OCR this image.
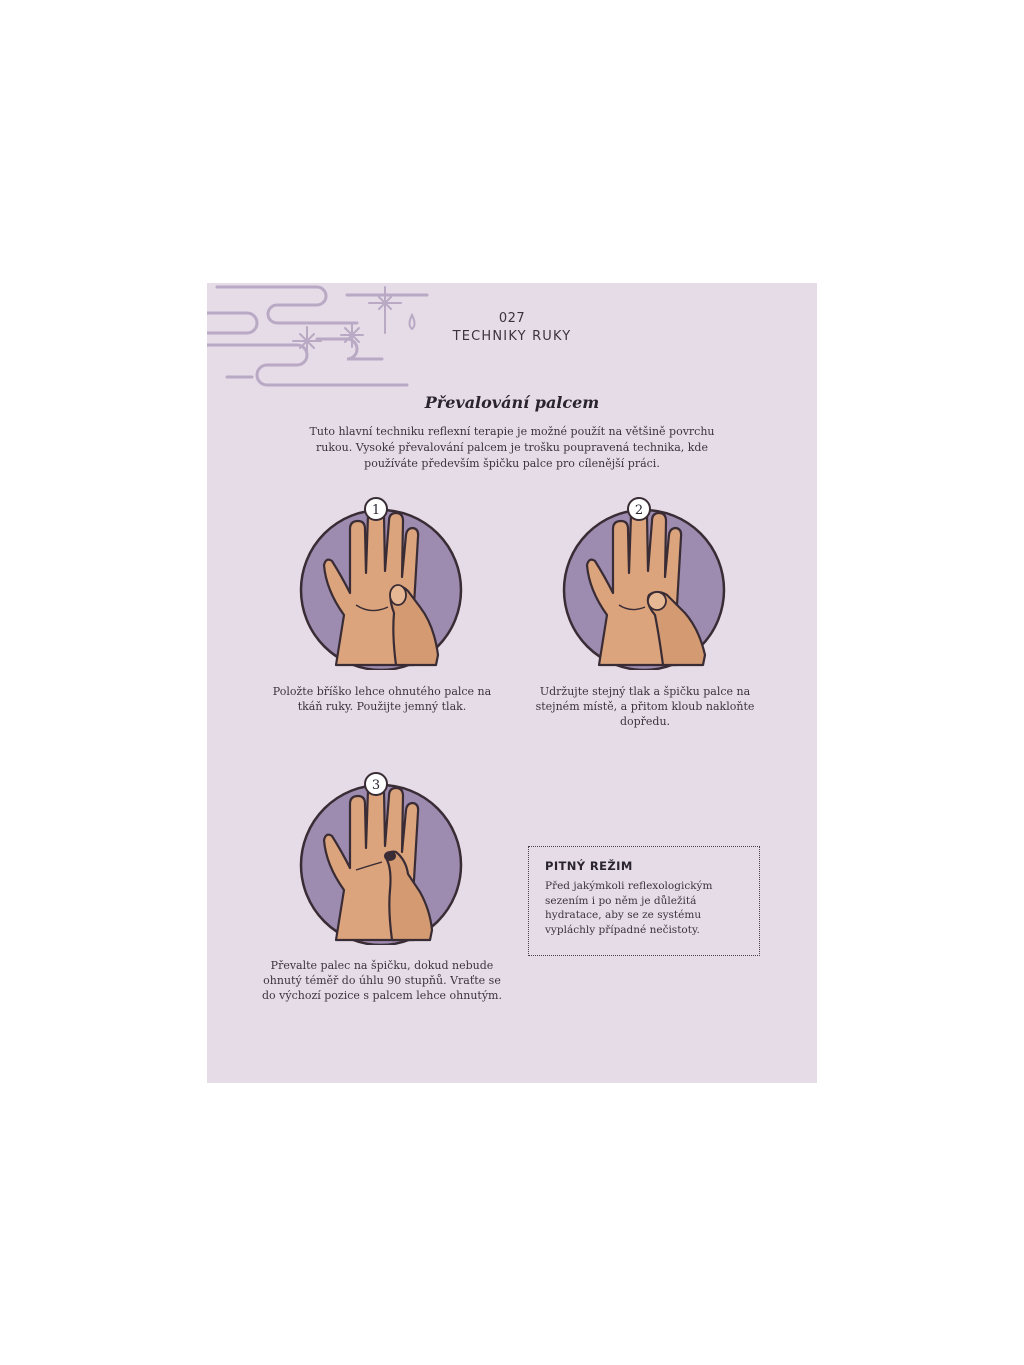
027
TECHNIKY RUKY
Převalování palcem
Tuto hlavní techniku reflexní terapie je možné použít na většině povrchu rukou. Vysoké převalování palcem je trošku poupravená technika, kde používáte především špičku palce pro cílenější práci.
1
Položte bříško lehce ohnutého palce na tkáň ruky. Použijte jemný tlak.
2
Udržujte stejný tlak a špičku palce na stejném místě, a přitom kloub nakloňte dopředu.
3
Převalte palec na špičku, dokud nebude ohnutý téměř do úhlu 90 stupňů. Vraťte se do výchozí pozice s palcem lehce ohnutým.
PITNÝ REŽIM
Před jakýmkoli reflexologickým sezením i po něm je důležitá hydratace, aby se ze systému vypláchly případné nečistoty.
